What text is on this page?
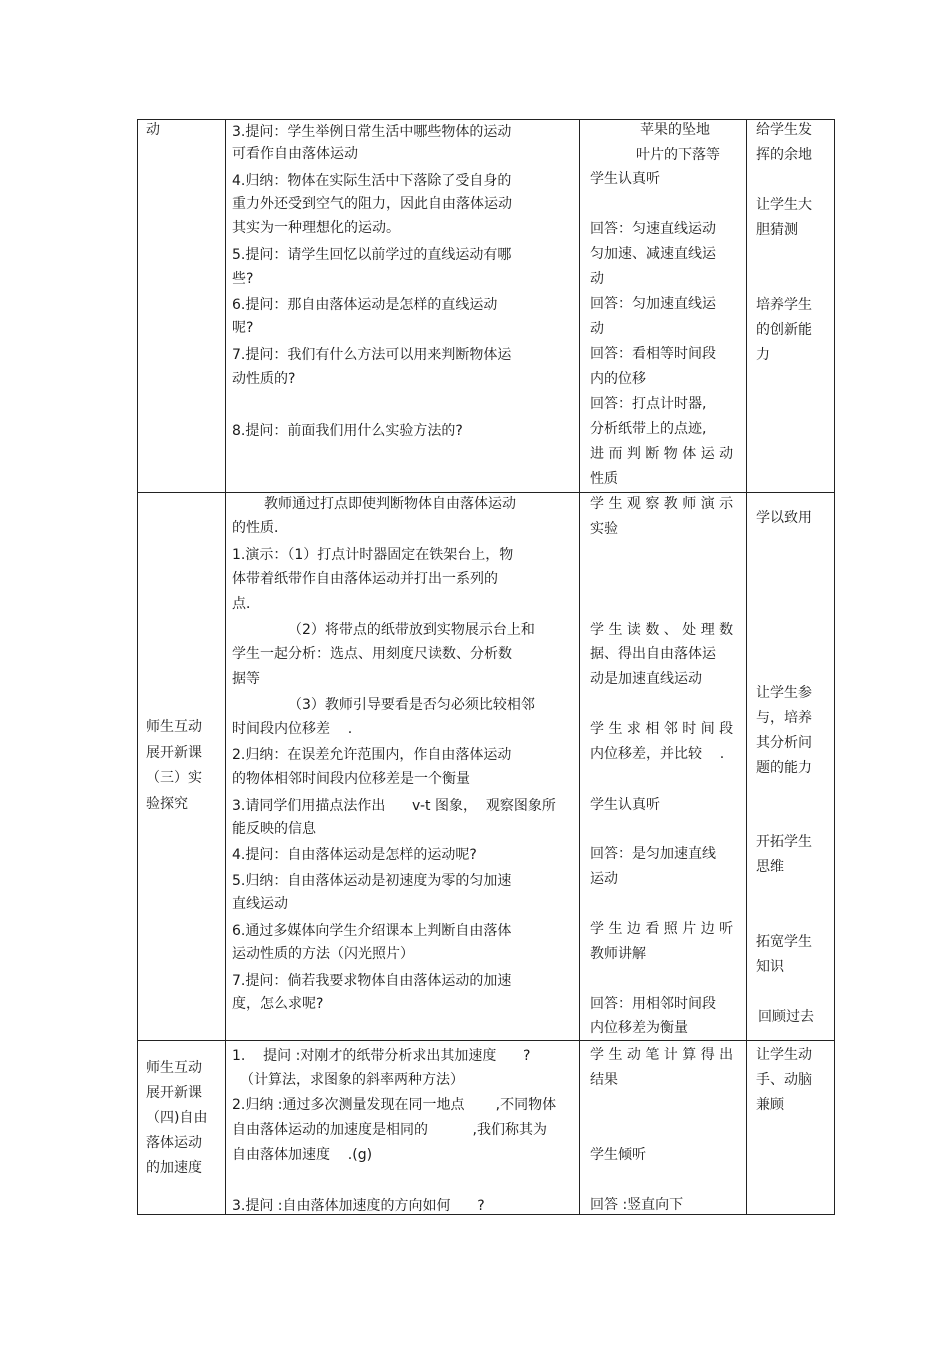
动	3.提问：学生举例日常生活中哪些物体的运动
可看作自由落体运动
4.归纳：物体在实际生活中下落除了受自身的
重力外还受到空气的阻力，因此自由落体运动
其实为一种理想化的运动。
5.提问：请学生回忆以前学过的直线运动有哪
些?
6.提问：那自由落体运动是怎样的直线运动
呢?
7.提问：我们有什么方法可以用来判断物体运
动性质的?
8.提问：前面我们用什么实验方法的?
苹果的坠地
叶片的下落等
学生认真听
回答：匀速直线运动
匀加速、减速直线运
动
回答：匀加速直线运
动
回答：看相等时间段
内的位移
回答：打点计时器,
分析纸带上的点迹,
进 而 判 断 物 体 运 动
性质
给学生发
挥的余地
让学生大
胆猜测
培养学生
的创新能
力
师生互动
展开新课
（三）实
验探究
教师通过打点即使判断物体自由落体运动
的性质．
1.演示：（1）打点计时器固定在铁架台上，物
体带着纸带作自由落体运动并打出一系列的
点．
（2）将带点的纸带放到实物展示台上和
学生一起分析：选点、用刻度尺读数、分析数
据等
（3）教师引导要看是否匀必须比较相邻
时间段内位移差    .
2.归纳：在误差允许范围内，作自由落体运动
的物体相邻时间段内位移差是一个衡量
3.请同学们用描点法作出      v-t 图象，  观察图象所
能反映的信息
4.提问：自由落体运动是怎样的运动呢?
5.归纳：自由落体运动是初速度为零的匀加速
直线运动
6.通过多媒体向学生介绍课本上判断自由落体
运动性质的方法（闪光照片）
7.提问：倘若我要求物体自由落体运动的加速
度，怎么求呢?
学 生 观 察 教 师 演 示
实验
学 生 读 数 、 处 理 数
据、得出自由落体运
动是加速直线运动
学 生 求 相 邻 时 间 段
内位移差，并比较    .
学生认真听
回答：是匀加速直线
运动
学 生 边 看 照 片 边 听
教师讲解
回答：用相邻时间段
内位移差为衡量
学以致用
让学生参
与，培养
其分析问
题的能力
开拓学生
思维
拓宽学生
知识
回顾过去
师生互动
展开新课
（四)自由
落体运动
的加速度
1.    提问 :对刚才的纸带分析求出其加速度      ?
（计算法，求图象的斜率两种方法）
2.归纳 :通过多次测量发现在同一地点       ,不同物体
自由落体运动的加速度是相同的          ,我们称其为
自由落体加速度    .(g)
3.提问 :自由落体加速度的方向如何      ?
学 生 动 笔 计 算 得 出
结果
学生倾听
回答 :竖直向下
让学生动
手、动脑
兼顾
